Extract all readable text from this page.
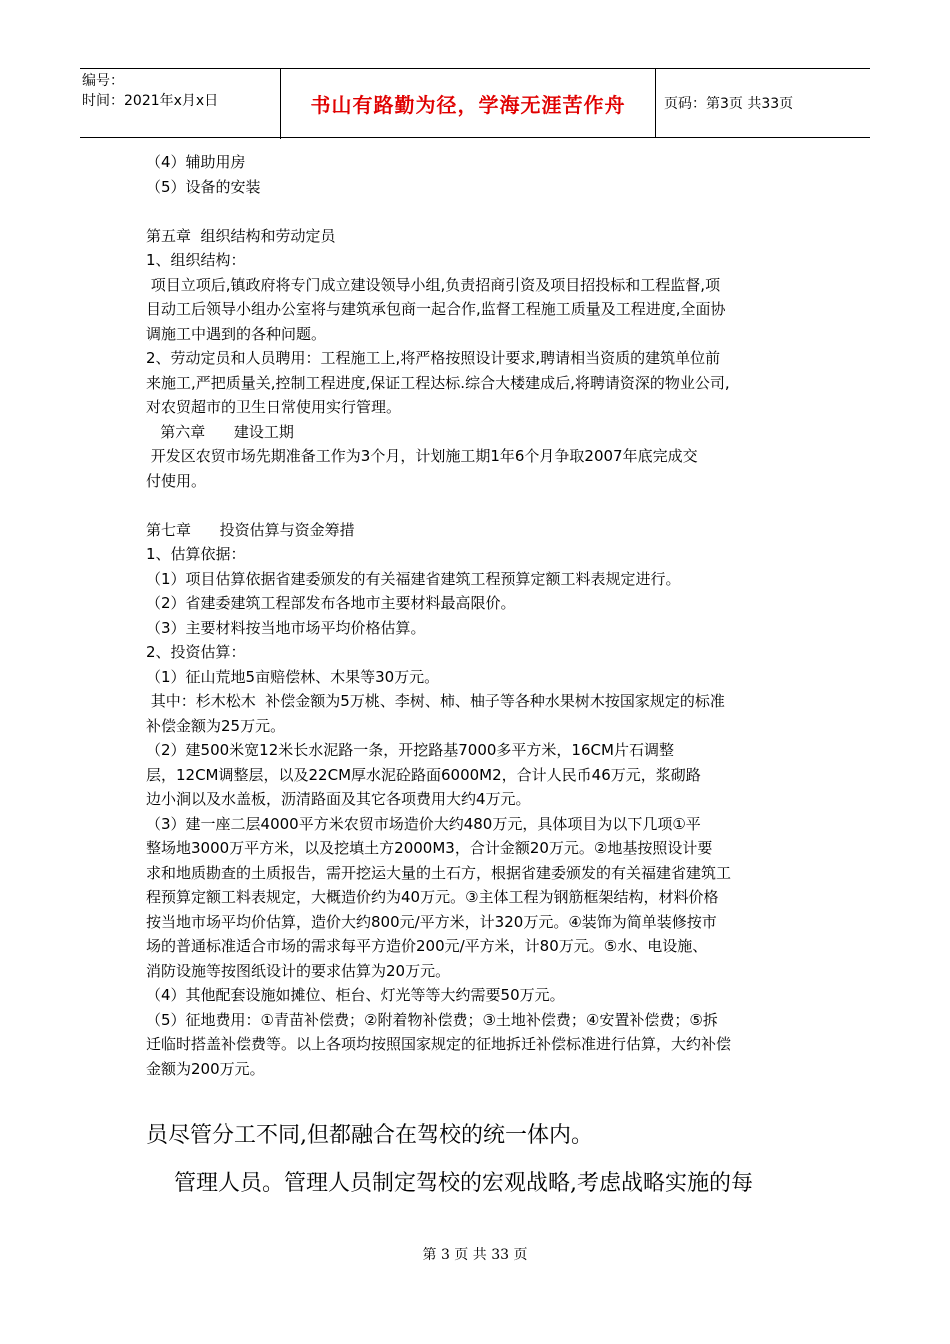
编号：
时间：2021年x月x日	书山有路勤为径，学海无涯苦作舟	页码：第3页 共33页
（4）辅助用房
（5）设备的安装

第五章  组织结构和劳动定员
1、组织结构：
项目立项后,镇政府将专门成立建设领导小组,负责招商引资及项目招投标和工程监督,项
目动工后领导小组办公室将与建筑承包商一起合作,监督工程施工质量及工程进度,全面协
调施工中遇到的各种问题。
2、劳动定员和人员聘用：工程施工上,将严格按照设计要求,聘请相当资质的建筑单位前
来施工,严把质量关,控制工程进度,保证工程达标.综合大楼建成后,将聘请资深的物业公司,
对农贸超市的卫生日常使用实行管理。
第六章      建设工期
开发区农贸市场先期准备工作为3个月，计划施工期1年6个月争取2007年底完成交
付使用。

第七章      投资估算与资金筹措
1、估算依据：
（1）项目估算依据省建委颁发的有关福建省建筑工程预算定额工料表规定进行。
（2）省建委建筑工程部发布各地市主要材料最高限价。
（3）主要材料按当地市场平均价格估算。
2、投资估算：
（1）征山荒地5亩赔偿林、木果等30万元。
其中：杉木松木  补偿金额为5万桃、李树、柿、柚子等各种水果树木按国家规定的标准
补偿金额为25万元。
（2）建500米宽12米长水泥路一条，开挖路基7000多平方米，16CM片石调整
层，12CM调整层，以及22CM厚水泥砼路面6000M2，合计人民币46万元，浆砌路
边小涧以及水盖板，沥清路面及其它各项费用大约4万元。
（3）建一座二层4000平方米农贸市场造价大约480万元，具体项目为以下几项①平
整场地3000万平方米，以及挖填土方2000M3，合计金额20万元。②地基按照设计要
求和地质勘查的土质报告，需开挖运大量的土石方，根据省建委颁发的有关福建省建筑工
程预算定额工料表规定，大概造价约为40万元。③主体工程为钢筋框架结构，材料价格
按当地市场平均价估算，造价大约800元/平方米，计320万元。④装饰为简单装修按市
场的普通标准适合市场的需求每平方造价200元/平方米，计80万元。⑤水、电设施、
消防设施等按图纸设计的要求估算为20万元。
（4）其他配套设施如摊位、柜台、灯光等等大约需要50万元。
（5）征地费用：①青苗补偿费；②附着物补偿费；③土地补偿费；④安置补偿费；⑤拆
迁临时搭盖补偿费等。以上各项均按照国家规定的征地拆迁补偿标准进行估算，大约补偿
金额为200万元。
员尽管分工不同,但都融合在驾校的统一体内。
管理人员。管理人员制定驾校的宏观战略,考虑战略实施的每
第 3 页 共 33 页
